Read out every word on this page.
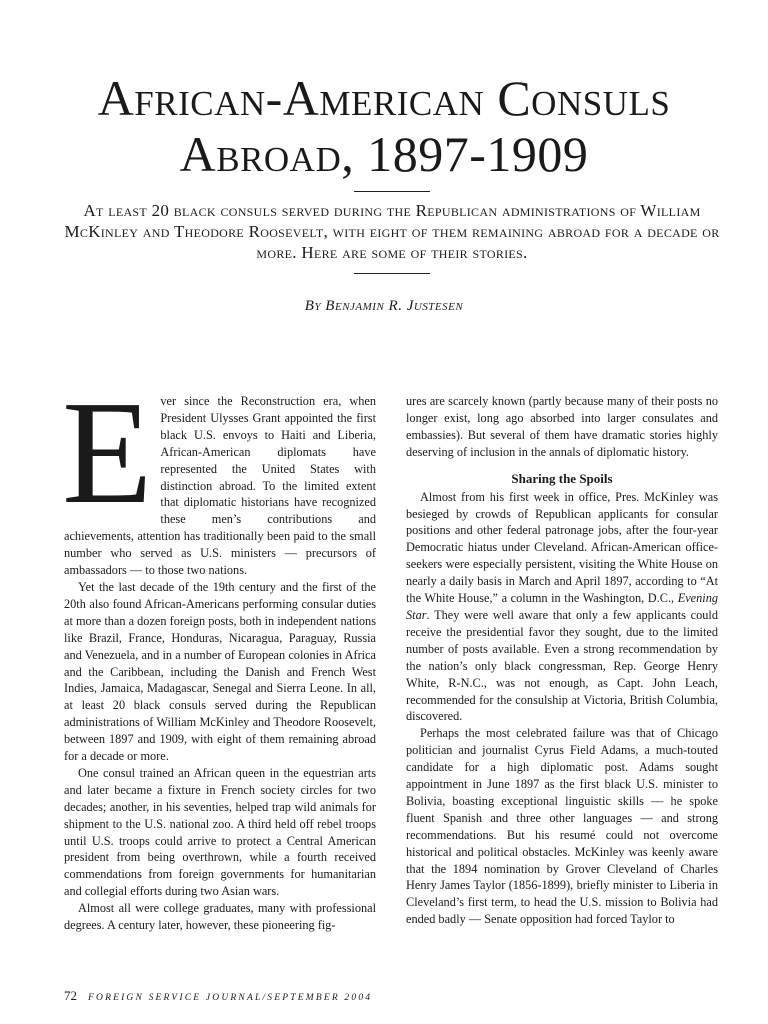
African-American Consuls
Abroad, 1897-1909

At least 20 black consuls served during the Republican administrations of William McKinley and Theodore Roosevelt, with eight of them remaining abroad for a decade or more. Here are some of their stories.

By Benjamin R. Justesen

Ever since the Reconstruction era, when President Ulysses Grant appointed the first black U.S. envoys to Haiti and Liberia, African-American diplomats have represented the United States with distinction abroad. To the limited extent that diplomatic historians have recognized these men’s contributions and achievements, attention has traditionally been paid to the small number who served as U.S. ministers — precursors of ambassadors — to those two nations.

Yet the last decade of the 19th century and the first of the 20th also found African-Americans performing consular duties at more than a dozen foreign posts, both in independent nations like Brazil, France, Honduras, Nicaragua, Paraguay, Russia and Venezuela, and in a number of European colonies in Africa and the Caribbean, including the Danish and French West Indies, Jamaica, Madagascar, Senegal and Sierra Leone. In all, at least 20 black consuls served during the Republican administrations of William McKinley and Theodore Roosevelt, between 1897 and 1909, with eight of them remaining abroad for a decade or more.

One consul trained an African queen in the equestrian arts and later became a fixture in French society circles for two decades; another, in his seventies, helped trap wild animals for shipment to the U.S. national zoo. A third held off rebel troops until U.S. troops could arrive to protect a Central American president from being overthrown, while a fourth received commendations from foreign governments for humanitarian and collegial efforts during two Asian wars.

Almost all were college graduates, many with professional degrees. A century later, however, these pioneering fig-

ures are scarcely known (partly because many of their posts no longer exist, long ago absorbed into larger consulates and embassies). But several of them have dramatic stories highly deserving of inclusion in the annals of diplomatic history.

Sharing the Spoils

Almost from his first week in office, Pres. McKinley was besieged by crowds of Republican applicants for consular positions and other federal patronage jobs, after the four-year Democratic hiatus under Cleveland. African-American office-seekers were especially persistent, visiting the White House on nearly a daily basis in March and April 1897, according to “At the White House,” a column in the Washington, D.C., Evening Star. They were well aware that only a few applicants could receive the presidential favor they sought, due to the limited number of posts available. Even a strong recommendation by the nation’s only black congressman, Rep. George Henry White, R-N.C., was not enough, as Capt. John Leach, recommended for the consulship at Victoria, British Columbia, discovered.

Perhaps the most celebrated failure was that of Chicago politician and journalist Cyrus Field Adams, a much-touted candidate for a high diplomatic post. Adams sought appointment in June 1897 as the first black U.S. minister to Bolivia, boasting exceptional linguistic skills — he spoke fluent Spanish and three other languages — and strong recommendations. But his resumé could not overcome historical and political obstacles. McKinley was keenly aware that the 1894 nomination by Grover Cleveland of Charles Henry James Taylor (1856-1899), briefly minister to Liberia in Cleveland’s first term, to head the U.S. mission to Bolivia had ended badly — Senate opposition had forced Taylor to

72 FOREIGN SERVICE JOURNAL/SEPTEMBER 2004
